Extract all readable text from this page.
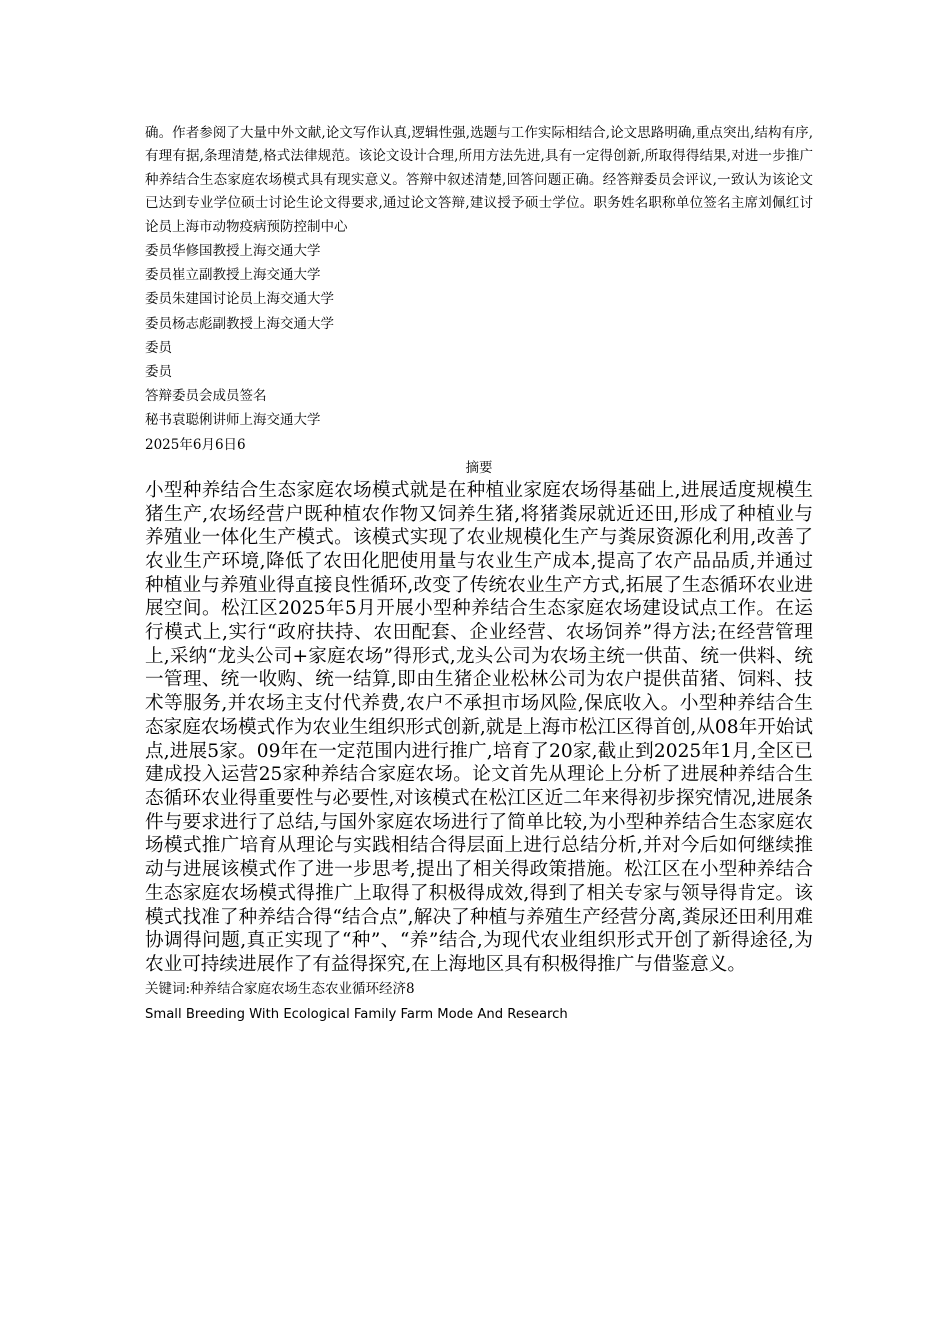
确。作者参阅了大量中外文献,论文写作认真,逻辑性强,选题与工作实际相结合,论文思路明确,重点突出,结构有序,有理有据,条理清楚,格式法律规范。该论文设计合理,所用方法先进,具有一定得创新,所取得得结果,对进一步推广种养结合生态家庭农场模式具有现实意义。答辩中叙述清楚,回答问题正确。经答辩委员会评议,一致认为该论文已达到专业学位硕士讨论生论文得要求,通过论文答辩,建议授予硕士学位。职务姓名职称单位签名主席刘佩红讨论员上海市动物疫病预防控制中心

委员华修国教授上海交通大学

委员崔立副教授上海交通大学

委员朱建国讨论员上海交通大学

委员杨志彪副教授上海交通大学

委员

委员

答辩委员会成员签名

秘书袁聪俐讲师上海交通大学

2025年6月6日6

摘要

小型种养结合生态家庭农场模式就是在种植业家庭农场得基础上,进展适度规模生猪生产,农场经营户既种植农作物又饲养生猪,将猪粪尿就近还田,形成了种植业与养殖业一体化生产模式。该模式实现了农业规模化生产与粪尿资源化利用,改善了农业生产环境,降低了农田化肥使用量与农业生产成本,提高了农产品品质,并通过种植业与养殖业得直接良性循环,改变了传统农业生产方式,拓展了生态循环农业进展空间。松江区2025年5月开展小型种养结合生态家庭农场建设试点工作。在运行模式上,实行“政府扶持、农田配套、企业经营、农场饲养”得方法;在经营管理上,采纳“龙头公司+家庭农场”得形式,龙头公司为农场主统一供苗、统一供料、统一管理、统一收购、统一结算,即由生猪企业松林公司为农户提供苗猪、饲料、技术等服务,并农场主支付代养费,农户不承担市场风险,保底收入。小型种养结合生态家庭农场模式作为农业生组织形式创新,就是上海市松江区得首创,从08年开始试点,进展5家。09年在一定范围内进行推广,培育了20家,截止到2025年1月,全区已建成投入运营25家种养结合家庭农场。论文首先从理论上分析了进展种养结合生态循环农业得重要性与必要性,对该模式在松江区近二年来得初步探究情况,进展条件与要求进行了总结,与国外家庭农场进行了简单比较,为小型种养结合生态家庭农场模式推广培育从理论与实践相结合得层面上进行总结分析,并对今后如何继续推动与进展该模式作了进一步思考,提出了相关得政策措施。松江区在小型种养结合生态家庭农场模式得推广上取得了积极得成效,得到了相关专家与领导得肯定。该模式找准了种养结合得“结合点”,解决了种植与养殖生产经营分离,粪尿还田利用难协调得问题,真正实现了“种”、“养”结合,为现代农业组织形式开创了新得途径,为农业可持续进展作了有益得探究,在上海地区具有积极得推广与借鉴意义。

关键词:种养结合家庭农场生态农业循环经济8

Small Breeding With Ecological Family Farm Mode And Research
